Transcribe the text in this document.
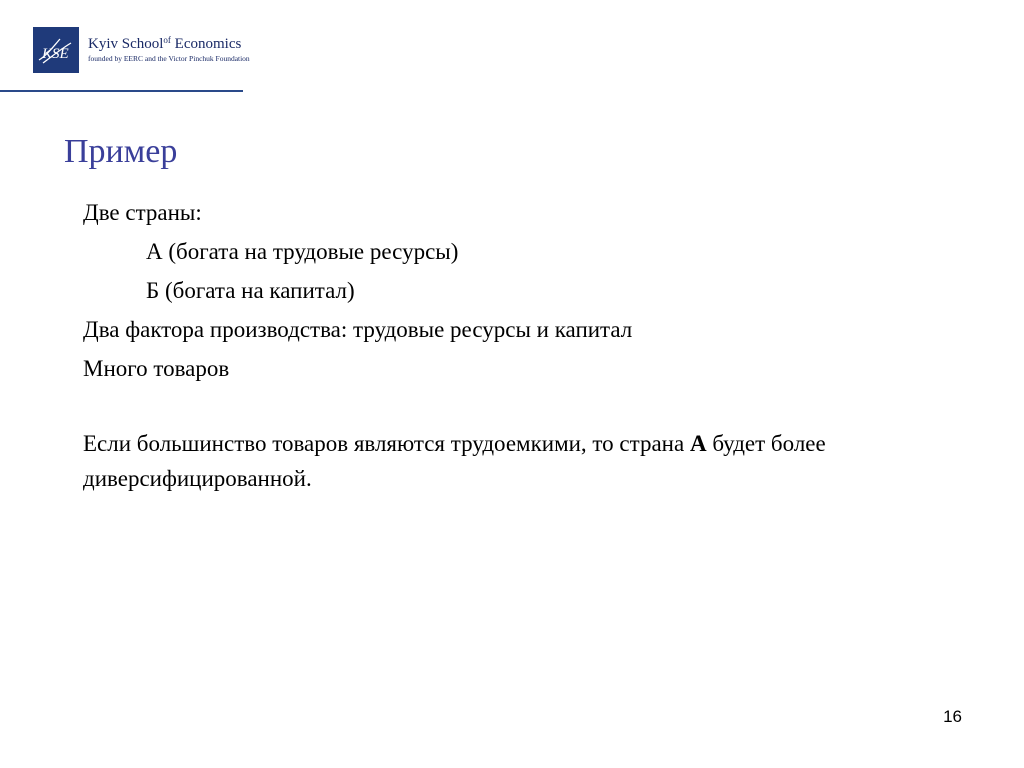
KSE
Kyiv School$^{of}$ Economics
founded by EERC and the Victor Pinchuk Foundation
Пример
Две страны:
А (богата на трудовые ресурсы)
Б (богата на капитал)
Два фактора производства: трудовые ресурсы и капитал
Много товаров
Если большинство товаров являются трудоемкими, то страна А будет более диверсифицированной.
16
